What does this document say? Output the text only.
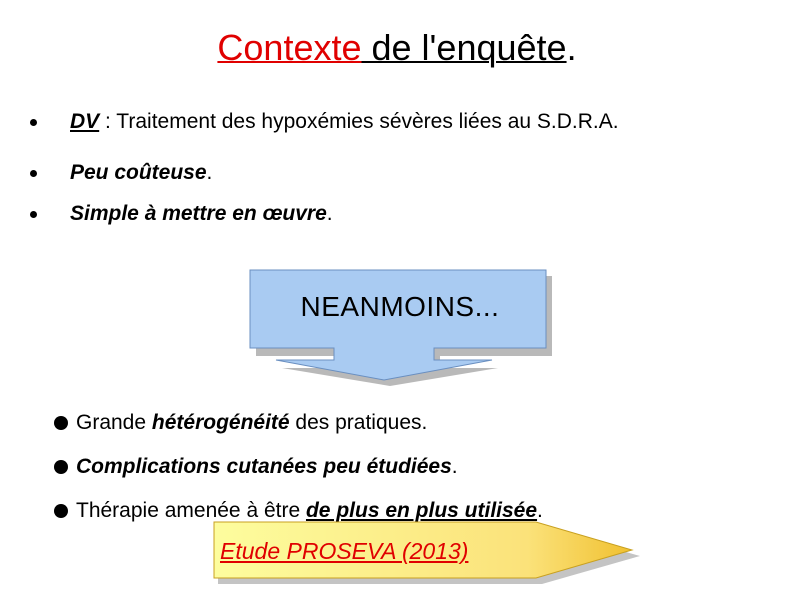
Contexte de l'enquête.
DV : Traitement des hypoxémies sévères liées au S.D.R.A.
Peu coûteuse.
Simple à mettre en œuvre.
NEANMOINS...
Grande hétérogénéité des pratiques.
Complications cutanées peu étudiées.
Thérapie amenée à être de plus en plus utilisée.
Etude PROSEVA (2013)
